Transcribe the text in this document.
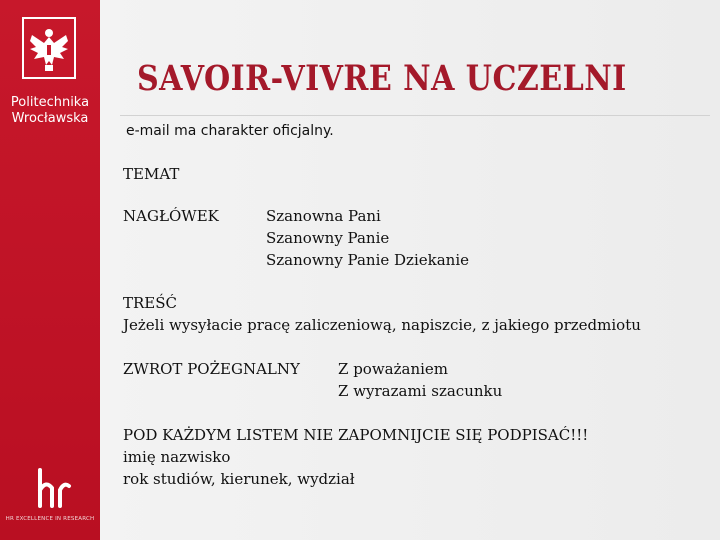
Politechnika
Wrocławska
HR EXCELLENCE IN RESEARCH
SAVOIR-VIVRE NA UCZELNI
e-mail ma charakter oficjalny.
TEMAT
NAGŁÓWEK	Szanowna Pani
Szanowny Panie
Szanowny Panie Dziekanie
TREŚĆ
Jeżeli wysyłacie pracę zaliczeniową, napiszcie, z jakiego przedmiotu
ZWROT POŻEGNALNY	Z poważaniem
Z wyrazami szacunku
POD KAŻDYM LISTEM NIE ZAPOMNIJCIE SIĘ PODPISAĆ!!!
imię nazwisko
rok studiów, kierunek, wydział
